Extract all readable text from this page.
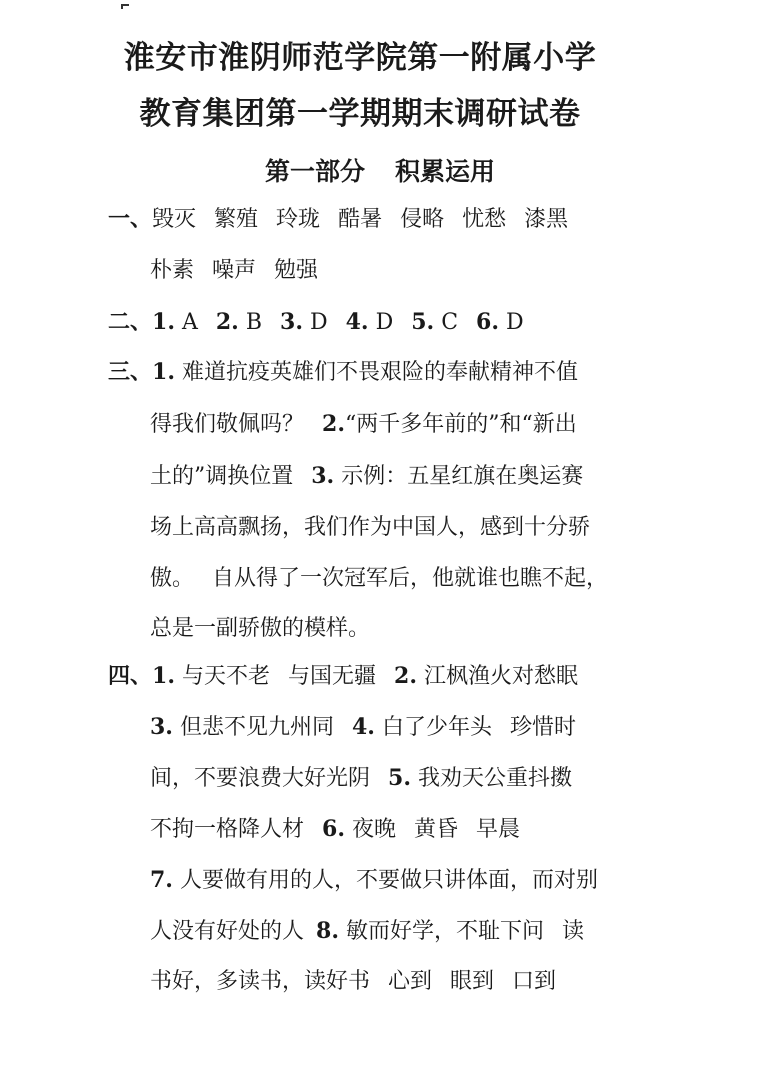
淮安市淮阴师范学院第一附属小学
教育集团第一学期期末调研试卷
第一部分 积累运用
一、毁灭 繁殖 玲珑 酷暑 侵略 忧愁 漆黑
朴素 噪声 勉强
二、1. A 2. B 3. D 4. D 5. C 6. D
三、1. 难道抗疫英雄们不畏艰险的奉献精神不值
得我们敬佩吗？ 2.“两千多年前的”和“新出
土的”调换位置 3. 示例：五星红旗在奥运赛
场上高高飘扬，我们作为中国人，感到十分骄
傲。 自从得了一次冠军后，他就谁也瞧不起，
总是一副骄傲的模样。
四、1. 与天不老 与国无疆 2. 江枫渔火对愁眠
3. 但悲不见九州同 4. 白了少年头 珍惜时
间，不要浪费大好光阴 5. 我劝天公重抖擞
不拘一格降人材 6. 夜晚 黄昏 早晨
7. 人要做有用的人，不要做只讲体面，而对别
人没有好处的人 8. 敏而好学，不耻下问 读
书好，多读书，读好书 心到 眼到 口到
